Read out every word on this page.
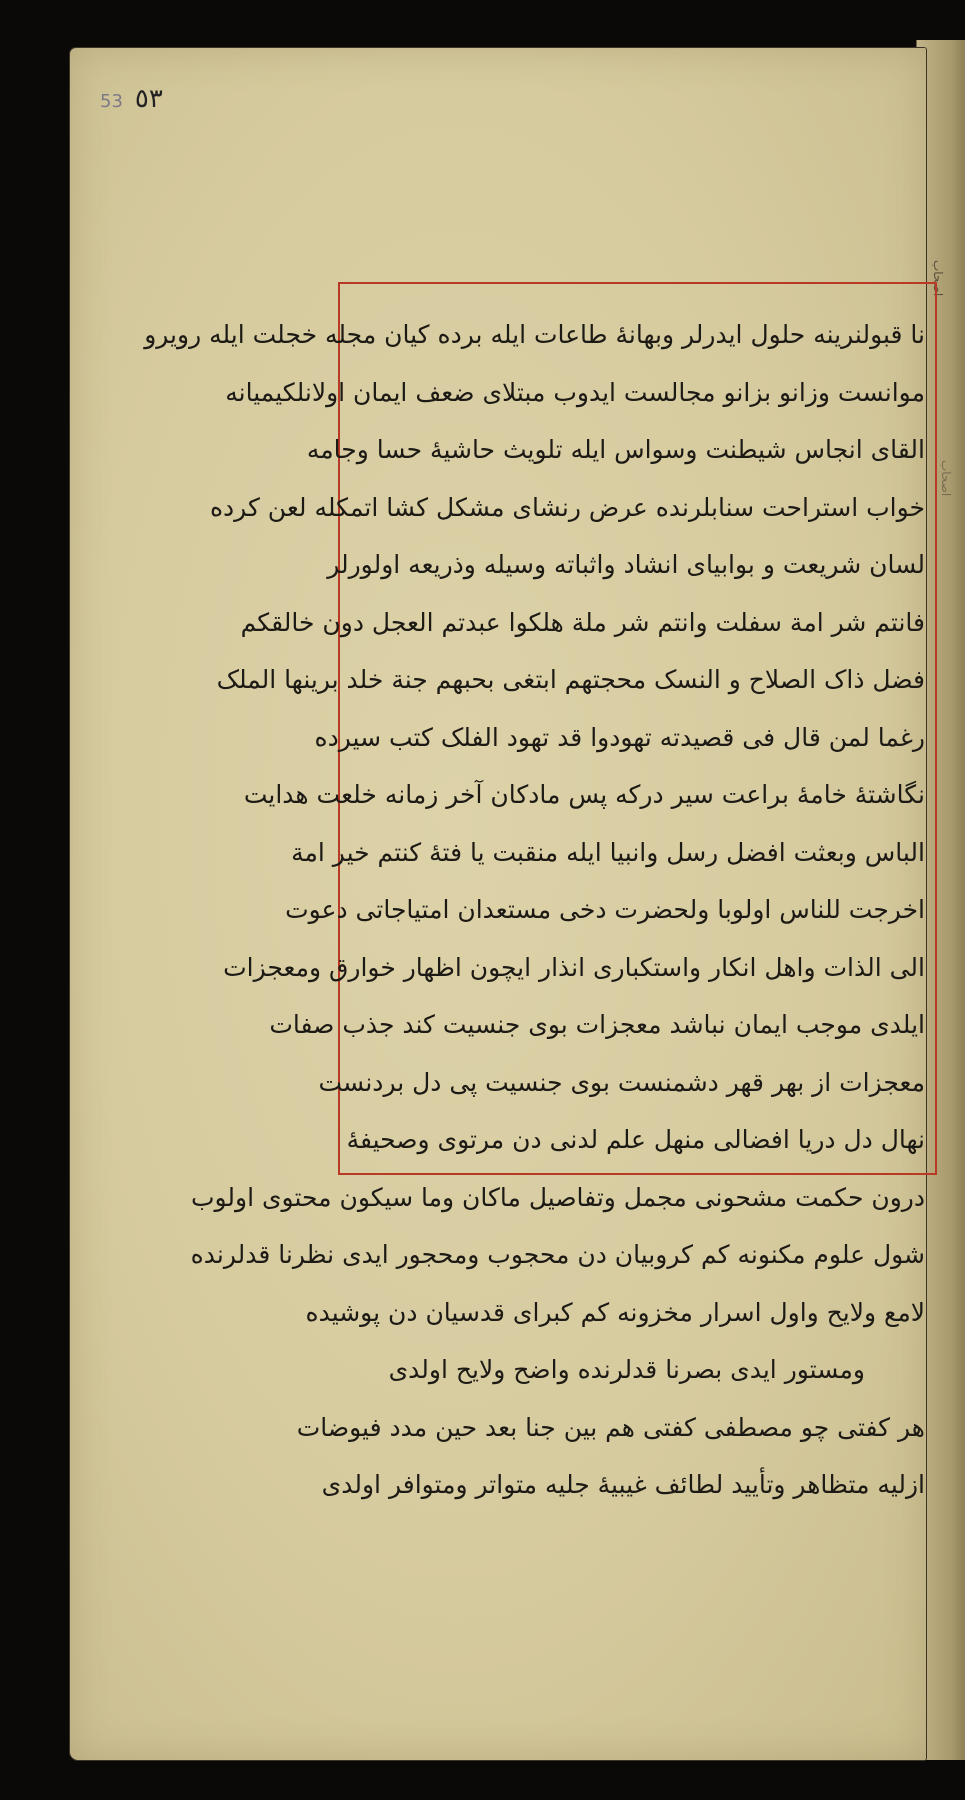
اصحاب
اصحاب
٥٣
53
نا قبولنرینه حلول ایدرلر وبهانهٔ طاعات ایله برده کیان مجله خجلت ایله رویرو
موانست وزانو بزانو مجالست ایدوب مبتلای ضعف ایمان اولانلکیمیانه
القای انجاس شیطنت وسواس ایله تلویث حاشیهٔ حسا وجامه
خواب استراحت سنابلرنده عرض رنشای مشکل کشا اتمکله لعن کرده
لسان شریعت و بوابیای انشاد واثباته وسیله وذریعه اولورلر
فانتم شر امة سفلت وانتم شر ملة هلکوا عبدتم العجل دون خالقکم
فضل ذاک الصلاح و النسک محجتهم ابتغی بحبهم جنة خلد برینها الملک
رغما لمن قال فی قصیدته تهودوا قد تهود الفلک کتب سیرده
نگاشتهٔ خامهٔ براعت سیر درکه پس مادکان آخر زمانه خلعت هدایت
الباس وبعثت افضل رسل وانبیا ایله منقبت یا فتهٔ کنتم خیر امة
اخرجت للناس اولوبا ولحضرت دخی مستعدان امتیاجاتی دعوت
الی الذات واهل انکار واستکباری انذار ایچون اظهار خوارق ومعجزات
ایلدی موجب ایمان نباشد معجزات بوی جنسیت کند جذب صفات
معجزات از بهر قهر دشمنست بوی جنسیت پی دل بردنست
نهال دل دریا افضالی منهل علم لدنی دن مرتوی وصحیفهٔ
درون حکمت مشحونی مجمل وتفاصیل ماکان وما سیکون محتوی اولوب
شول علوم مکنونه کم کروبیان دن محجوب ومحجور ایدی نظرنا قدلرنده
لامع ولایح واول اسرار مخزونه کم کبرای قدسیان دن پوشیده
ومستور ایدی بصرنا قدلرنده واضح ولایح اولدی
هر کفتی چو مصطفی کفتی هم بین جنا بعد حین مدد فیوضات
ازلیه متظاهر وتأیید لطائف غیبیهٔ جلیه متواتر ومتوافر اولدی
